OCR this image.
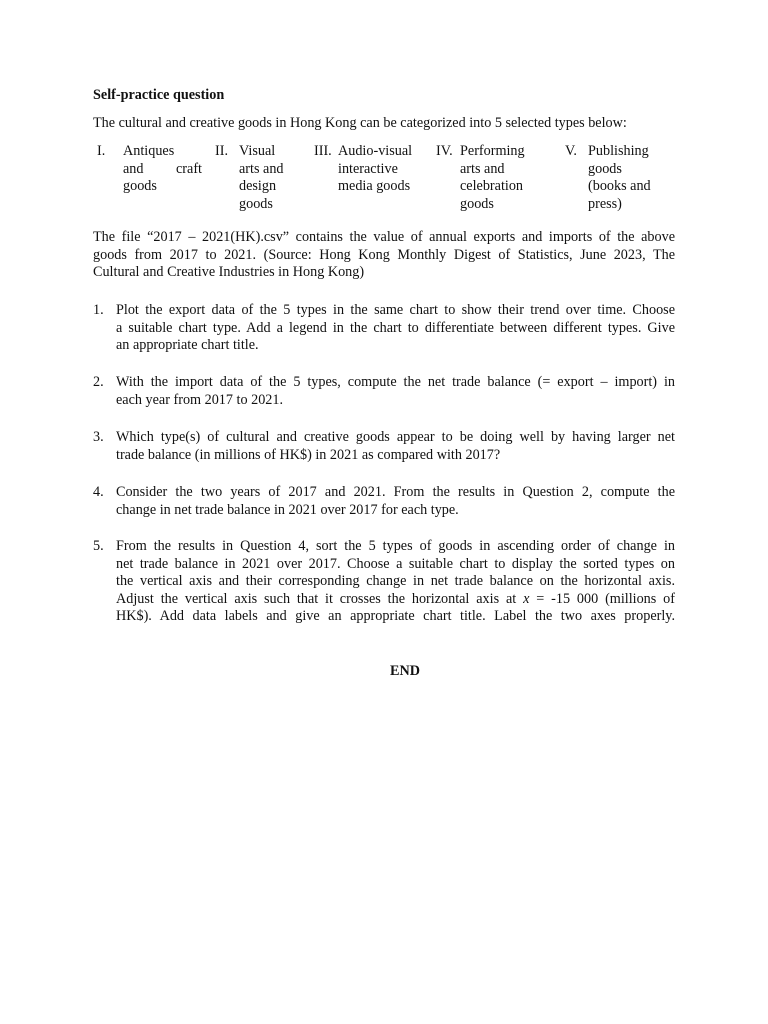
Self-practice question
The cultural and creative goods in Hong Kong can be categorized into 5 selected types below:
I. Antiques
and craft
goods
II. Visual
arts and
design
goods
III. Audio-visual
interactive
media goods
IV. Performing
arts and
celebration
goods
V. Publishing
goods
(books and
press)
The file “2017 – 2021(HK).csv” contains the value of annual exports and imports of the above
goods from 2017 to 2021. (Source: Hong Kong Monthly Digest of Statistics, June 2023, The
Cultural and Creative Industries in Hong Kong)
1. Plot the export data of the 5 types in the same chart to show their trend over time. Choose
a suitable chart type. Add a legend in the chart to differentiate between different types. Give
an appropriate chart title.
2. With the import data of the 5 types, compute the net trade balance (= export – import) in
each year from 2017 to 2021.
3. Which type(s) of cultural and creative goods appear to be doing well by having larger net
trade balance (in millions of HK$) in 2021 as compared with 2017?
4. Consider the two years of 2017 and 2021. From the results in Question 2, compute the
change in net trade balance in 2021 over 2017 for each type.
5. From the results in Question 4, sort the 5 types of goods in ascending order of change in
net trade balance in 2021 over 2017. Choose a suitable chart to display the sorted types on
the vertical axis and their corresponding change in net trade balance on the horizontal axis.
Adjust the vertical axis such that it crosses the horizontal axis at x = -15 000 (millions of
HK$). Add data labels and give an appropriate chart title. Label the two axes properly.
END
